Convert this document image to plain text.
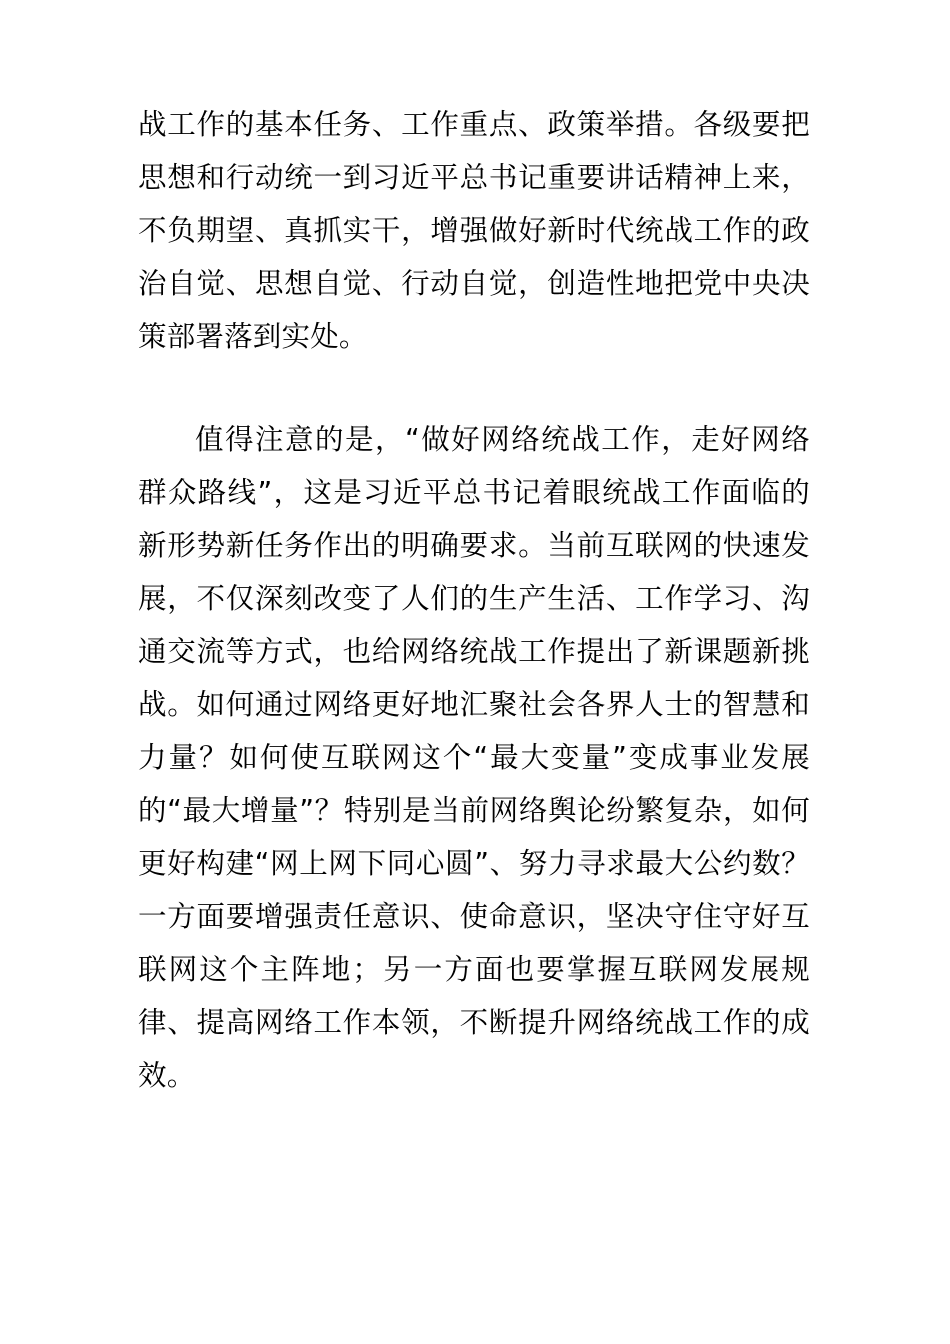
战工作的基本任务、工作重点、政策举措。各级要把思想和行动统一到习近平总书记重要讲话精神上来，不负期望、真抓实干，增强做好新时代统战工作的政治自觉、思想自觉、行动自觉，创造性地把党中央决策部署落到实处。

值得注意的是，“做好网络统战工作，走好网络群众路线”，这是习近平总书记着眼统战工作面临的新形势新任务作出的明确要求。当前互联网的快速发展，不仅深刻改变了人们的生产生活、工作学习、沟通交流等方式，也给网络统战工作提出了新课题新挑战。如何通过网络更好地汇聚社会各界人士的智慧和力量？如何使互联网这个“最大变量”变成事业发展的“最大增量”？特别是当前网络舆论纷繁复杂，如何更好构建“网上网下同心圆”、努力寻求最大公约数？一方面要增强责任意识、使命意识，坚决守住守好互联网这个主阵地；另一方面也要掌握互联网发展规律、提高网络工作本领，不断提升网络统战工作的成效。
